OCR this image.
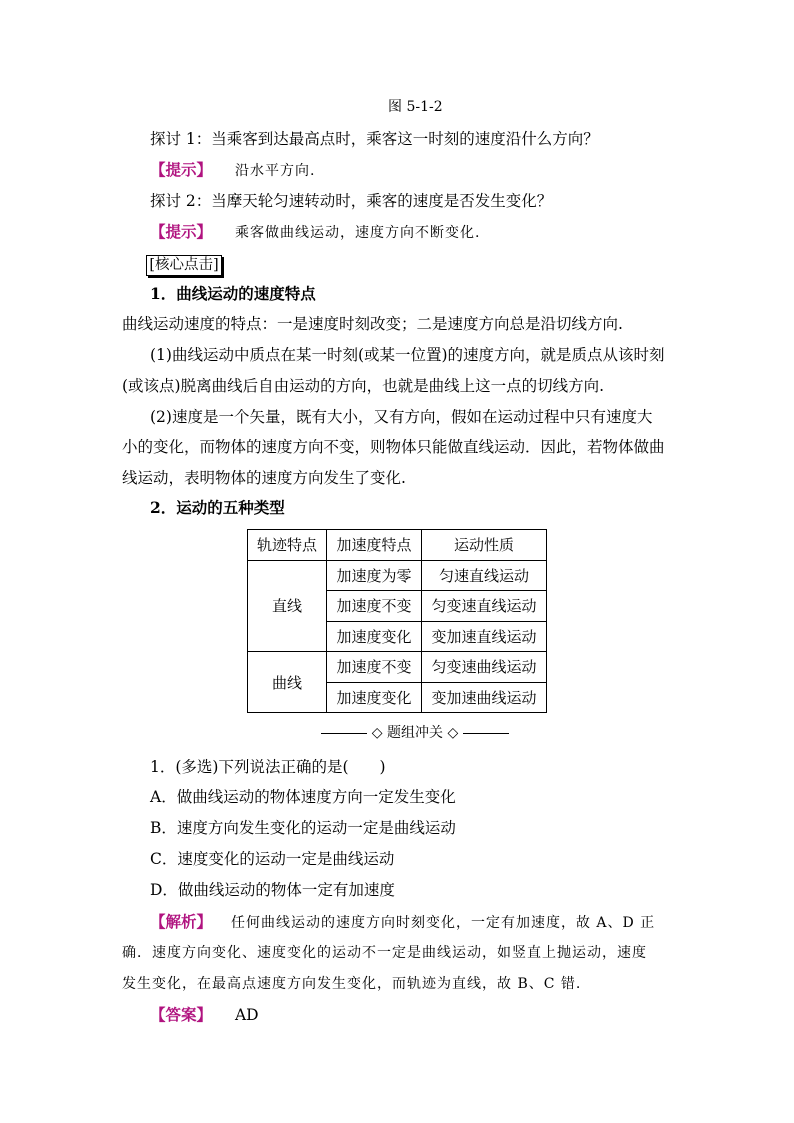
图 5-1-2
探讨 1：当乘客到达最高点时，乘客这一时刻的速度沿什么方向？
【提示】 沿水平方向.
探讨 2：当摩天轮匀速转动时，乘客的速度是否发生变化？
【提示】 乘客做曲线运动，速度方向不断变化.
[核心点击]
1．曲线运动的速度特点
曲线运动速度的特点：一是速度时刻改变；二是速度方向总是沿切线方向.
(1)曲线运动中质点在某一时刻(或某一位置)的速度方向，就是质点从该时刻
(或该点)脱离曲线后自由运动的方向，也就是曲线上这一点的切线方向.
(2)速度是一个矢量，既有大小，又有方向，假如在运动过程中只有速度大
小的变化，而物体的速度方向不变，则物体只能做直线运动．因此，若物体做曲
线运动，表明物体的速度方向发生了变化.
2．运动的五种类型
轨迹特点	加速度特点	运动性质
直线	加速度为零	匀速直线运动
	加速度不变	匀变速直线运动
	加速度变化	变加速直线运动
曲线	加速度不变	匀变速曲线运动
	加速度变化	变加速曲线运动
◇ 题组冲关 ◇
1．(多选)下列说法正确的是(　　)
A．做曲线运动的物体速度方向一定发生变化
B．速度方向发生变化的运动一定是曲线运动
C．速度变化的运动一定是曲线运动
D．做曲线运动的物体一定有加速度
【解析】 任何曲线运动的速度方向时刻变化，一定有加速度，故 A、D 正
确．速度方向变化、速度变化的运动不一定是曲线运动，如竖直上抛运动，速度
发生变化，在最高点速度方向发生变化，而轨迹为直线，故 B、C 错.
【答案】 AD
